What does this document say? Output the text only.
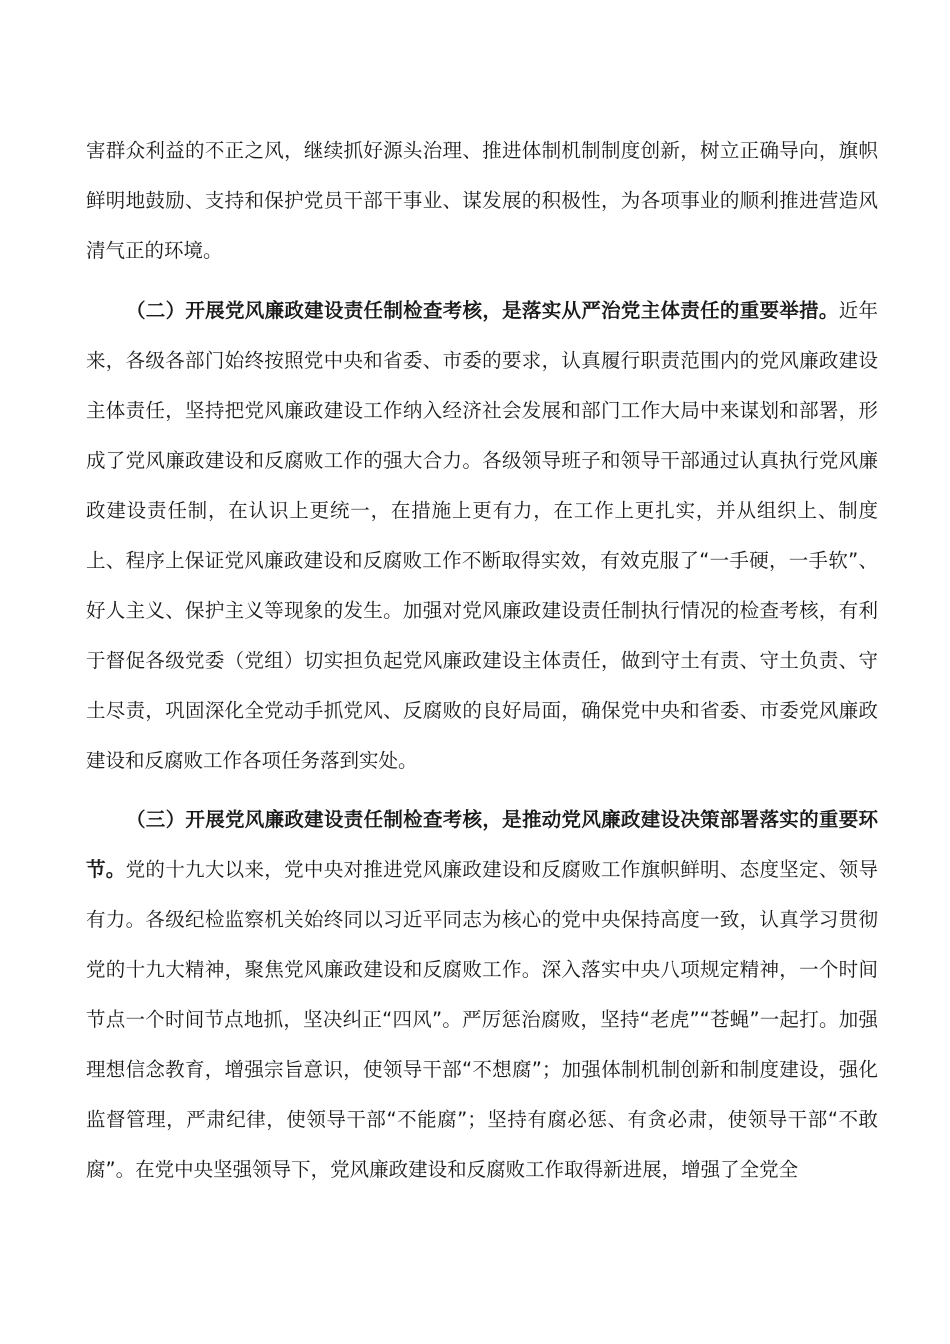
害群众利益的不正之风，继续抓好源头治理、推进体制机制制度创新，树立正确导向，旗帜鲜明地鼓励、支持和保护党员干部干事业、谋发展的积极性，为各项事业的顺利推进营造风清气正的环境。

（二）开展党风廉政建设责任制检查考核，是落实从严治党主体责任的重要举措。近年来，各级各部门始终按照党中央和省委、市委的要求，认真履行职责范围内的党风廉政建设主体责任，坚持把党风廉政建设工作纳入经济社会发展和部门工作大局中来谋划和部署，形成了党风廉政建设和反腐败工作的强大合力。各级领导班子和领导干部通过认真执行党风廉政建设责任制，在认识上更统一，在措施上更有力，在工作上更扎实，并从组织上、制度上、程序上保证党风廉政建设和反腐败工作不断取得实效，有效克服了“一手硬，一手软”、好人主义、保护主义等现象的发生。加强对党风廉政建设责任制执行情况的检查考核，有利于督促各级党委（党组）切实担负起党风廉政建设主体责任，做到守土有责、守土负责、守土尽责，巩固深化全党动手抓党风、反腐败的良好局面，确保党中央和省委、市委党风廉政建设和反腐败工作各项任务落到实处。

（三）开展党风廉政建设责任制检查考核，是推动党风廉政建设决策部署落实的重要环节。党的十九大以来，党中央对推进党风廉政建设和反腐败工作旗帜鲜明、态度坚定、领导有力。各级纪检监察机关始终同以习近平同志为核心的党中央保持高度一致，认真学习贯彻党的十九大精神，聚焦党风廉政建设和反腐败工作。深入落实中央八项规定精神，一个时间节点一个时间节点地抓，坚决纠正“四风”。严厉惩治腐败，坚持“老虎”“苍蝇”一起打。加强理想信念教育，增强宗旨意识，使领导干部“不想腐”；加强体制机制创新和制度建设，强化监督管理，严肃纪律，使领导干部“不能腐”；坚持有腐必惩、有贪必肃，使领导干部“不敢腐”。在党中央坚强领导下，党风廉政建设和反腐败工作取得新进展，增强了全党全
